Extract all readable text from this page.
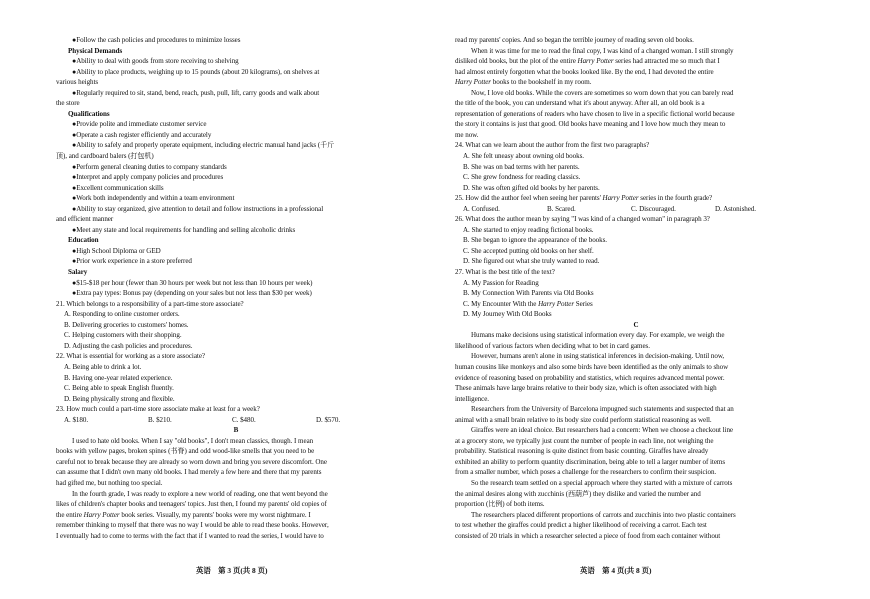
●Follow the cash policies and procedures to minimize losses
Physical Demands
●Ability to deal with goods from store receiving to shelving
●Ability to place products, weighing up to 15 pounds (about 20 kilograms), on shelves at
various heights
●Regularly required to sit, stand, bend, reach, push, pull, lift, carry goods and walk about
the store
Qualifications
●Provide polite and immediate customer service
●Operate a cash register efficiently and accurately
●Ability to safely and properly operate equipment, including electric manual hand jacks (千斤
顶), and cardboard balers (打包机)
●Perform general cleaning duties to company standards
●Interpret and apply company policies and procedures
●Excellent communication skills
●Work both independently and within a team environment
●Ability to stay organized, give attention to detail and follow instructions in a professional
and efficient manner
●Meet any state and local requirements for handling and selling alcoholic drinks
Education
●High School Diploma or GED
●Prior work experience in a store preferred
Salary
●$15-$18 per hour (fewer than 30 hours per week but not less than 10 hours per week)
●Extra pay types: Bonus pay (depending on your sales but not less than $30 per week)
21. Which belongs to a responsibility of a part-time store associate?
A. Responding to online customer orders.
B. Delivering groceries to customers' homes.
C. Helping customers with their shopping.
D. Adjusting the cash policies and procedures.
22. What is essential for working as a store associate?
A. Being able to drink a lot.
B. Having one-year related experience.
C. Being able to speak English fluently.
D. Being physically strong and flexible.
23. How much could a part-time store associate make at least for a week?
A. $180.	B. $210.	C. $480.	D. $570.
B
I used to hate old books. When I say "old books", I don't mean classics, though. I mean
books with yellow pages, broken spines (书脊) and odd wood-like smells that you need to be
careful not to break because they are already so worn down and bring you severe discomfort. One
can assume that I didn't own many old books. I had merely a few here and there that my parents
had gifted me, but nothing too special.
In the fourth grade, I was ready to explore a new world of reading, one that went beyond the
likes of children's chapter books and teenagers' topics. Just then, I found my parents' old copies of
the entire Harry Potter book series. Visually, my parents' books were my worst nightmare. I
remember thinking to myself that there was no way I would be able to read these books. However,
I eventually had to come to terms with the fact that if I wanted to read the series, I would have to
read my parents' copies. And so began the terrible journey of reading seven old books.
When it was time for me to read the final copy, I was kind of a changed woman. I still strongly
disliked old books, but the plot of the entire Harry Potter series had attracted me so much that I
had almost entirely forgotten what the books looked like. By the end, I had devoted the entire
Harry Potter books to the bookshelf in my room.
Now, I love old books. While the covers are sometimes so worn down that you can barely read
the title of the book, you can understand what it's about anyway. After all, an old book is a
representation of generations of readers who have chosen to live in a specific fictional world because
the story it contains is just that good. Old books have meaning and I love how much they mean to
me now.
24. What can we learn about the author from the first two paragraphs?
A. She felt uneasy about owning old books.
B. She was on bad terms with her parents.
C. She grew fondness for reading classics.
D. She was often gifted old books by her parents.
25. How did the author feel when seeing her parents' Harry Potter series in the fourth grade?
A. Confused.	B. Scared.	C. Discouraged.	D. Astonished.
26. What does the author mean by saying "I was kind of a changed woman" in paragraph 3?
A. She started to enjoy reading fictional books.
B. She began to ignore the appearance of the books.
C. She accepted putting old books on her shelf.
D. She figured out what she truly wanted to read.
27. What is the best title of the text?
A. My Passion for Reading
B. My Connection With Parents via Old Books
C. My Encounter With the Harry Potter Series
D. My Journey With Old Books
C
Humans make decisions using statistical information every day. For example, we weigh the
likelihood of various factors when deciding what to bet in card games.
However, humans aren't alone in using statistical inferences in decision-making. Until now,
human cousins like monkeys and also some birds have been identified as the only animals to show
evidence of reasoning based on probability and statistics, which requires advanced mental power.
These animals have large brains relative to their body size, which is often associated with high
intelligence.
Researchers from the University of Barcelona impugned such statements and suspected that an
animal with a small brain relative to its body size could perform statistical reasoning as well.
Giraffes were an ideal choice. But researchers had a concern: When we choose a checkout line
at a grocery store, we typically just count the number of people in each line, not weighing the
probability. Statistical reasoning is quite distinct from basic counting. Giraffes have already
exhibited an ability to perform quantity discrimination, being able to tell a larger number of items
from a smaller number, which poses a challenge for the researchers to confirm their suspicion.
So the research team settled on a special approach where they started with a mixture of carrots
the animal desires along with zucchinis (西葫芦) they dislike and varied the number and
proportion (比例) of both items.
The researchers placed different proportions of carrots and zucchinis into two plastic containers
to test whether the giraffes could predict a higher likelihood of receiving a carrot. Each test
consisted of 20 trials in which a researcher selected a piece of food from each container without
英语　第 3 页(共 8 页)	英语　第 4 页(共 8 页)
